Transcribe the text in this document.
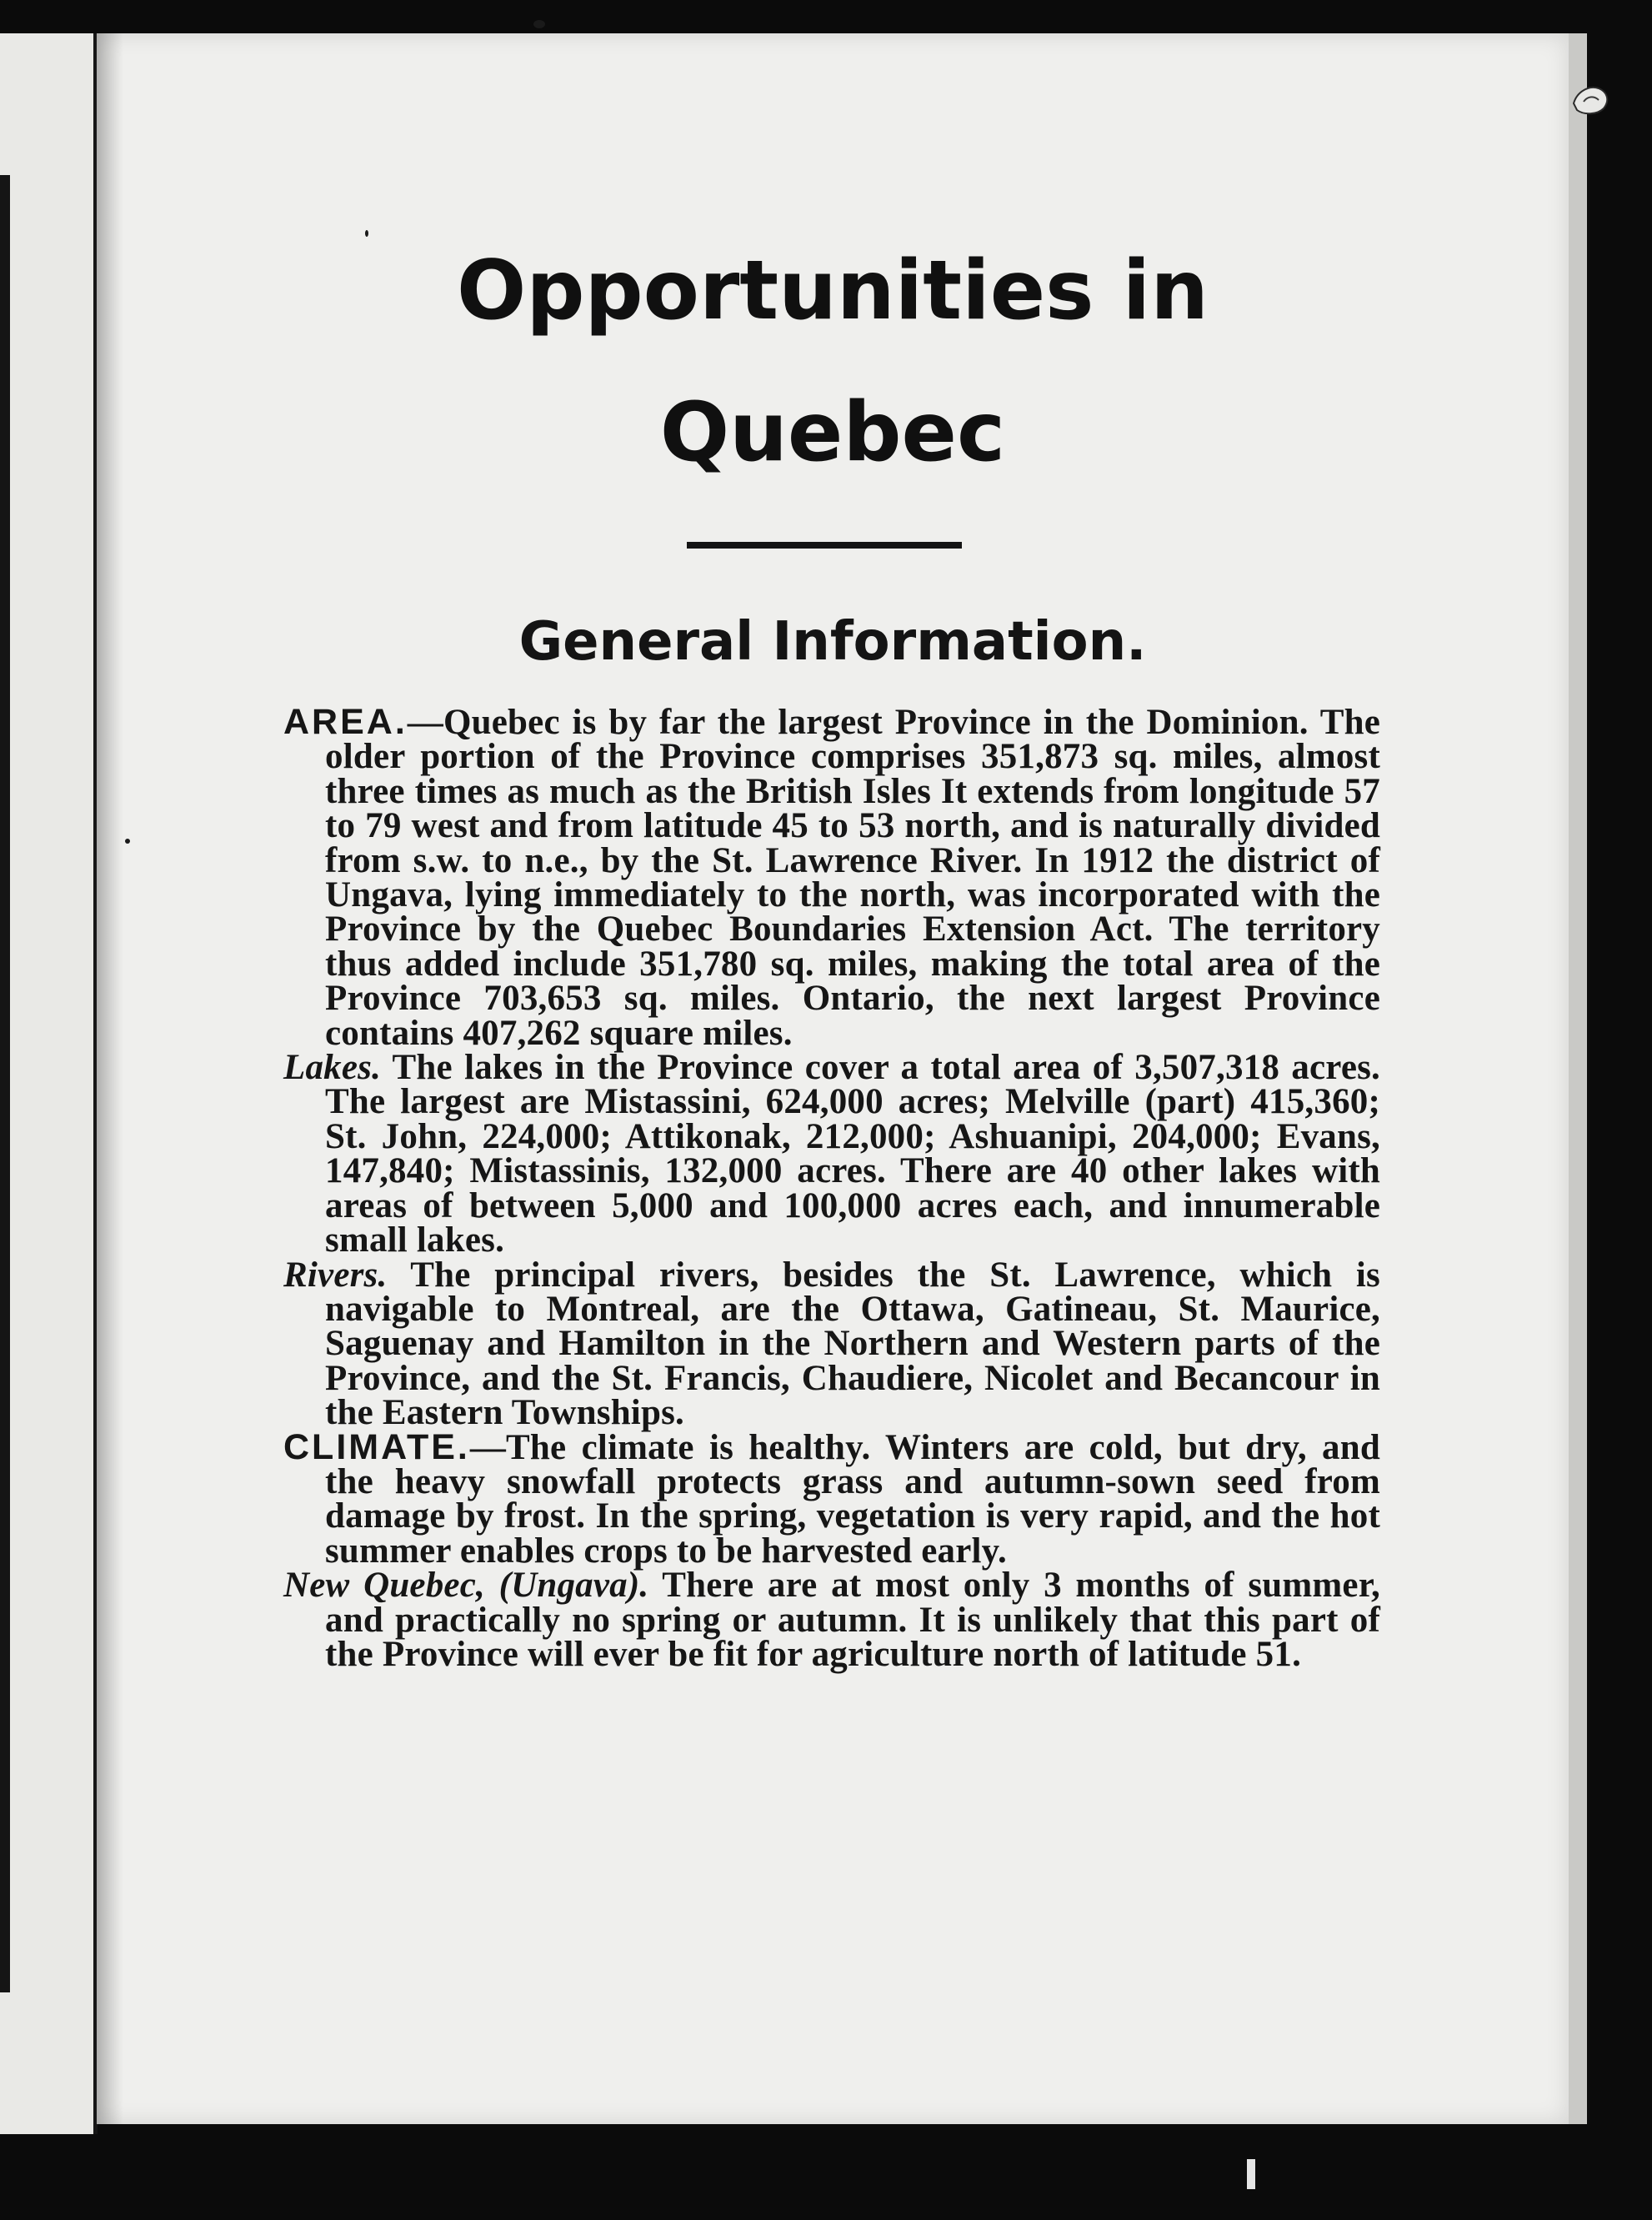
Opportunities in
Quebec
General Information.

AREA.—Quebec is by far the largest Province in the Dominion. The older portion of the Province comprises 351,873 sq. miles, almost three times as much as the British Isles It extends from longitude 57 to 79 west and from latitude 45 to 53 north, and is naturally divided from s.w. to n.e., by the St. Lawrence River. In 1912 the district of Ungava, lying immediately to the north, was incorporated with the Province by the Quebec Boundaries Extension Act. The territory thus added include 351,780 sq. miles, making the total area of the Province 703,653 sq. miles. Ontario, the next largest Province contains 407,262 square miles.

Lakes. The lakes in the Province cover a total area of 3,507,318 acres. The largest are Mistassini, 624,000 acres; Melville (part) 415,360; St. John, 224,000; Attikonak, 212,000; Ashuanipi, 204,000; Evans, 147,840; Mistassinis, 132,000 acres. There are 40 other lakes with areas of between 5,000 and 100,000 acres each, and innumerable small lakes.

Rivers. The principal rivers, besides the St. Lawrence, which is navigable to Montreal, are the Ottawa, Gatineau, St. Maurice, Saguenay and Hamilton in the Northern and Western parts of the Province, and the St. Francis, Chaudiere, Nicolet and Becancour in the Eastern Townships.

CLIMATE.—The climate is healthy. Winters are cold, but dry, and the heavy snowfall protects grass and autumn-sown seed from damage by frost. In the spring, vegetation is very rapid, and the hot summer enables crops to be harvested early.

New Quebec, (Ungava). There are at most only 3 months of summer, and practically no spring or autumn. It is unlikely that this part of the Province will ever be fit for agriculture north of latitude 51.
